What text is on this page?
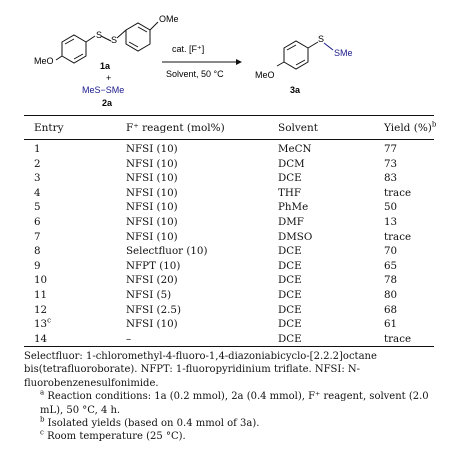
S S
OMe
MeO	1a
+
MeS−SMe
2a
cat. [F⁺]
Solvent, 50 °C
S
SMe
MeO
3a
Entry	F⁺ reagent (mol%)	Solvent	Yield (%)$^b$
1	NFSI (10)	MeCN	77
2	NFSI (10)	DCM	73
3	NFSI (10)	DCE	83
4	NFSI (10)	THF	trace
5	NFSI (10)	PhMe	50
6	NFSI (10)	DMF	13
7	NFSI (10)	DMSO	trace
8	Selectfluor (10)	DCE	70
9	NFPT (10)	DCE	65
10	NFSI (20)	DCE	78
11	NFSI (5)	DCE	80
12	NFSI (2.5)	DCE	68
13$^c$	NFSI (10)	DCE	61
14	–	DCE	trace

Selectfluor: 1-chloromethyl-4-fluoro-1,4-diazoniabicyclo-[2.2.2]octane bis(tetrafluoroborate). NFPT: 1-fluoropyridinium triflate. NFSI: N-fluorobenzenesulfonimide.

$^a$ Reaction conditions: 1a (0.2 mmol), 2a (0.4 mmol), F⁺ reagent, solvent (2.0 mL), 50 °C, 4 h.

$^b$ Isolated yields (based on 0.4 mmol of 3a).

$^c$ Room temperature (25 °C).
